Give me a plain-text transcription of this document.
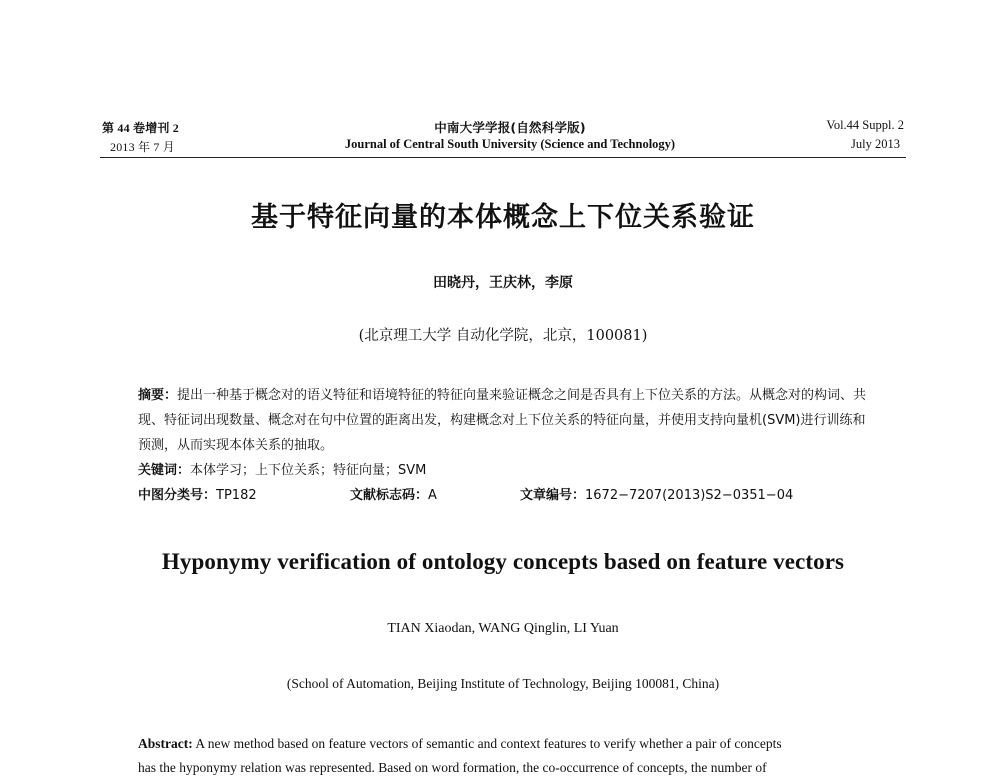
第 44 卷增刊 2
2013 年 7 月
中南大学学报(自然科学版)
Journal of Central South University (Science and Technology)
Vol.44 Suppl. 2
July 2013
基于特征向量的本体概念上下位关系验证
田晓丹，王庆林，李原
(北京理工大学 自动化学院，北京，100081)
摘要：提出一种基于概念对的语义特征和语境特征的特征向量来验证概念之间是否具有上下位关系的方法。从概念对的构词、共现、特征词出现数量、概念对在句中位置的距离出发，构建概念对上下位关系的特征向量，并使用支持向量机(SVM)进行训练和预测，从而实现本体关系的抽取。
关键词：本体学习；上下位关系；特征向量；SVM
中图分类号：TP182	文献标志码：A	文章编号：1672−7207(2013)S2−0351−04
Hyponymy verification of ontology concepts based on feature vectors
TIAN Xiaodan, WANG Qinglin, LI Yuan
(School of Automation, Beijing Institute of Technology, Beijing 100081, China)
Abstract: A new method based on feature vectors of semantic and context features to verify whether a pair of concepts
has the hyponymy relation was represented. Based on word formation, the co-occurrence of concepts, the number of
